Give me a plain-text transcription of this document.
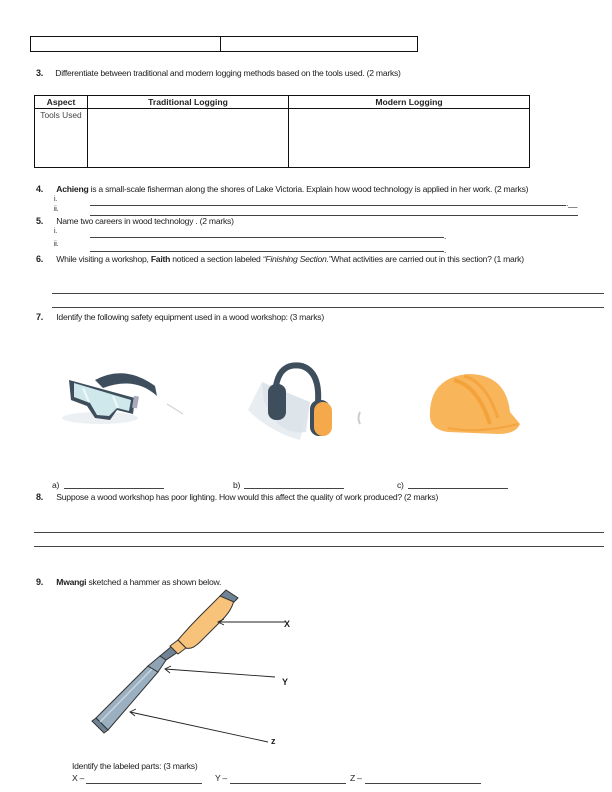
3. Differentiate between traditional and modern logging methods based on the tools used. (2 marks)
Aspect	Traditional Logging	Modern Logging
Tools Used		
4. Achieng is a small-scale fisherman along the shores of Lake Victoria. Explain how wood technology is applied in her work. (2 marks)
i.	.__
ii.
5. Name two careers in wood technology . (2 marks)
i.	.
ii.
.
6. While visiting a workshop, Faith noticed a section labeled “Finishing Section.”What activities are carried out in this section? (1 mark)
7. Identify the following safety equipment used in a wood workshop: (3 marks)
a)	b)	c)
8. Suppose a wood workshop has poor lighting. How would this affect the quality of work produced? (2 marks)
9. Mwangi sketched a hammer as shown below.
X
Y
z
Identify the labeled parts: (3 marks)
X –	Y –	Z –
